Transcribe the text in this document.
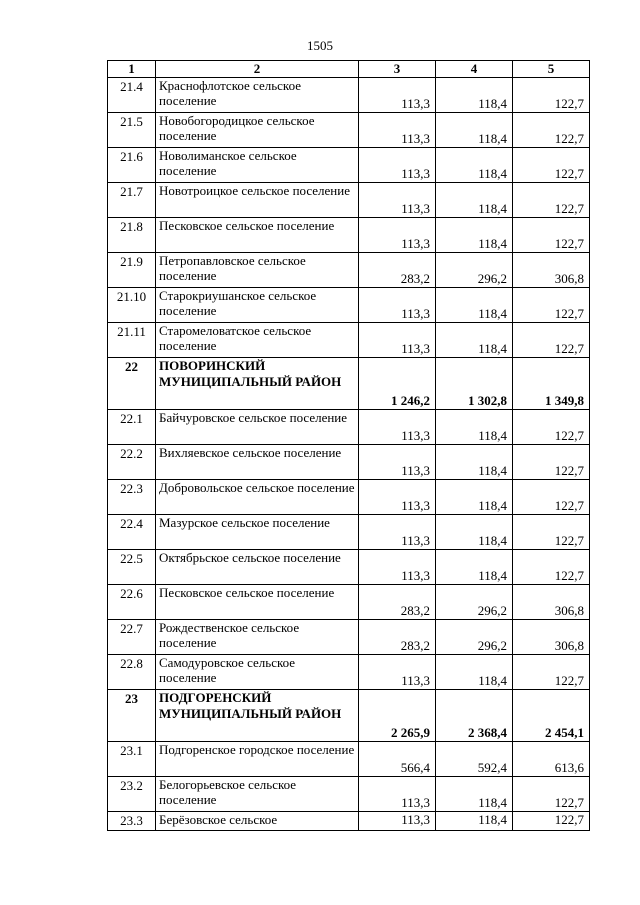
1505
1	2	3	4	5
21.4	Краснофлотское сельское поселение	113,3	118,4	122,7
21.5	Новобогородицкое сельское поселение	113,3	118,4	122,7
21.6	Новолиманское сельское поселение	113,3	118,4	122,7
21.7	Новотроицкое сельское поселение	113,3	118,4	122,7
21.8	Песковское сельское поселение	113,3	118,4	122,7
21.9	Петропавловское сельское поселение	283,2	296,2	306,8
21.10	Старокриушанское сельское поселение	113,3	118,4	122,7
21.11	Старомеловатское сельское поселение	113,3	118,4	122,7
22	ПОВОРИНСКИЙ МУНИЦИПАЛЬНЫЙ РАЙОН	1 246,2	1 302,8	1 349,8
22.1	Байчуровское сельское поселение	113,3	118,4	122,7
22.2	Вихляевское сельское поселение	113,3	118,4	122,7
22.3	Добровольское сельское поселение	113,3	118,4	122,7
22.4	Мазурское сельское поселение	113,3	118,4	122,7
22.5	Октябрьское сельское поселение	113,3	118,4	122,7
22.6	Песковское сельское поселение	283,2	296,2	306,8
22.7	Рождественское сельское поселение	283,2	296,2	306,8
22.8	Самодуровское сельское поселение	113,3	118,4	122,7
23	ПОДГОРЕНСКИЙ МУНИЦИПАЛЬНЫЙ РАЙОН	2 265,9	2 368,4	2 454,1
23.1	Подгоренское городское поселение	566,4	592,4	613,6
23.2	Белогорьевское сельское поселение	113,3	118,4	122,7
23.3	Берёзовское сельское	113,3	118,4	122,7
